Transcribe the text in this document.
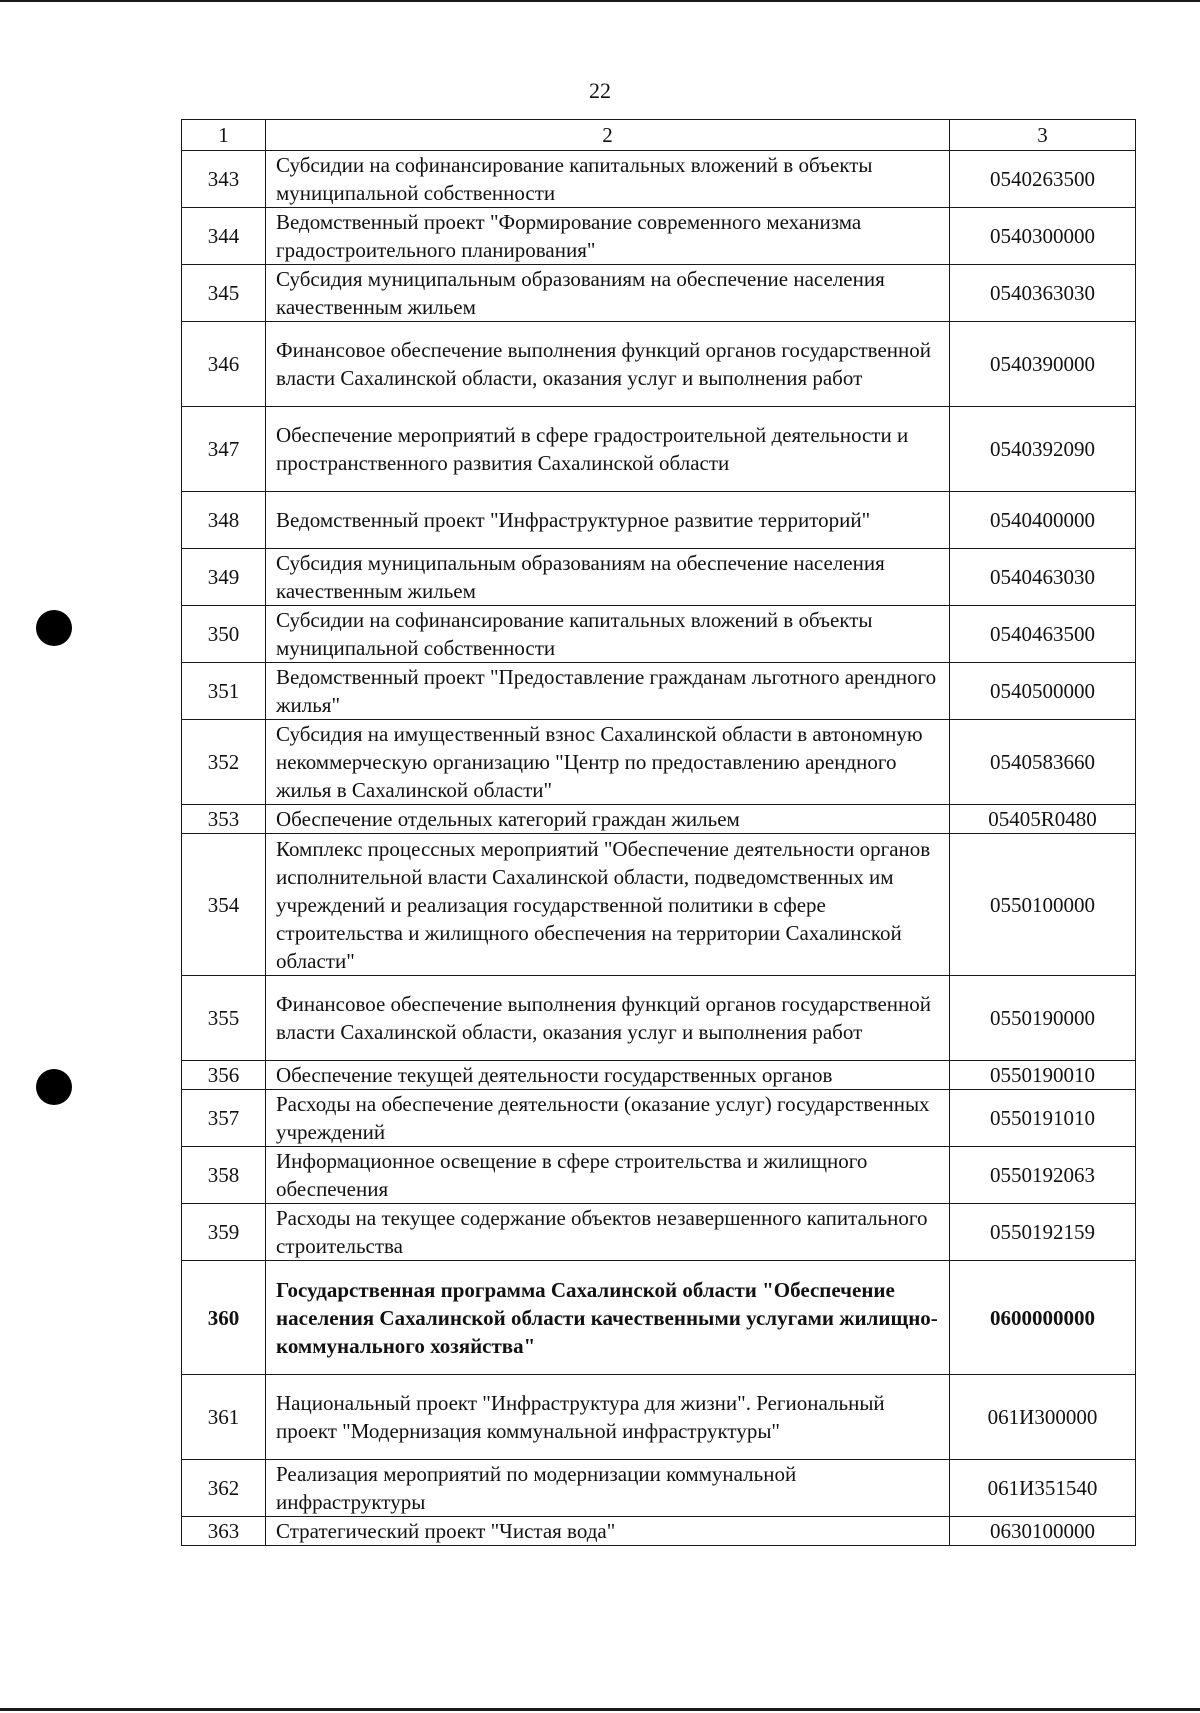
22
1	2	3
343	Субсидии на софинансирование капитальных вложений в объекты муниципальной собственности	0540263500
344	Ведомственный проект "Формирование современного механизма градостроительного планирования"	0540300000
345	Субсидия муниципальным образованиям на обеспечение населения качественным жильем	0540363030
346	Финансовое обеспечение выполнения функций органов государственной власти Сахалинской области, оказания услуг и выполнения работ	0540390000
347	Обеспечение мероприятий в сфере градостроительной деятельности и пространственного развития Сахалинской области	0540392090
348	Ведомственный проект "Инфраструктурное развитие территорий"	0540400000
349	Субсидия муниципальным образованиям на обеспечение населения качественным жильем	0540463030
350	Субсидии на софинансирование капитальных вложений в объекты муниципальной собственности	0540463500
351	Ведомственный проект "Предоставление гражданам льготного арендного жилья"	0540500000
352	Субсидия на имущественный взнос Сахалинской области в автономную некоммерческую организацию "Центр по предоставлению арендного жилья в Сахалинской области"	0540583660
353	Обеспечение отдельных категорий граждан жильем	05405R0480
354	Комплекс процессных мероприятий "Обеспечение деятельности органов исполнительной власти Сахалинской области, подведомственных им учреждений и реализация государственной политики в сфере строительства и жилищного обеспечения на территории Сахалинской области"	0550100000
355	Финансовое обеспечение выполнения функций органов государственной власти Сахалинской области, оказания услуг и выполнения работ	0550190000
356	Обеспечение текущей деятельности государственных органов	0550190010
357	Расходы на обеспечение деятельности (оказание услуг) государственных учреждений	0550191010
358	Информационное освещение в сфере строительства и жилищного обеспечения	0550192063
359	Расходы на текущее содержание объектов незавершенного капитального строительства	0550192159
360	Государственная программа Сахалинской области "Обеспечение населения Сахалинской области качественными услугами жилищно-коммунального хозяйства"	0600000000
361	Национальный проект "Инфраструктура для жизни". Региональный проект "Модернизация коммунальной инфраструктуры"	061И300000
362	Реализация мероприятий по модернизации коммунальной инфраструктуры	061И351540
363	Стратегический проект "Чистая вода"	0630100000
